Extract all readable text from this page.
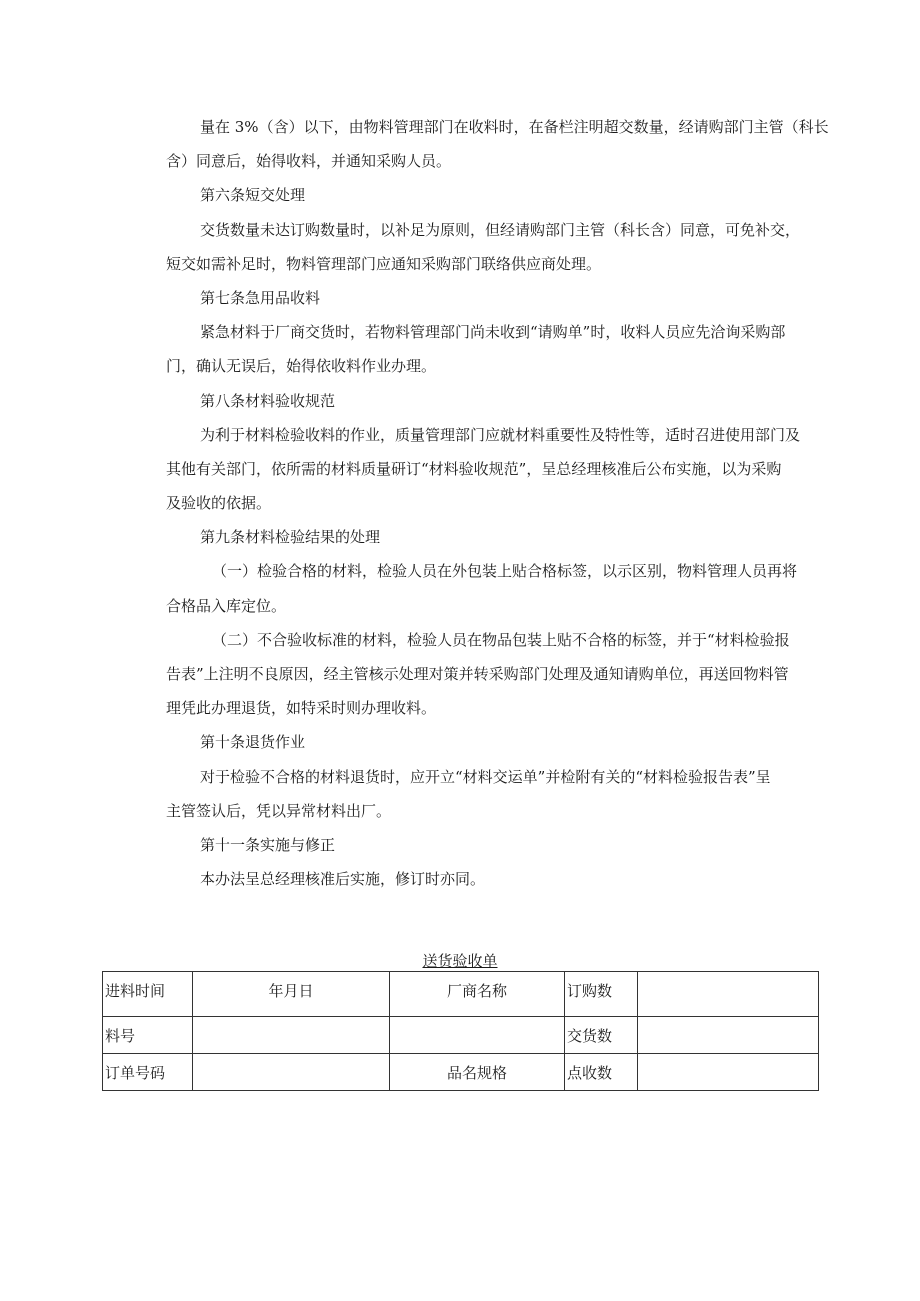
量在 3%（含）以下，由物料管理部门在收料时，在备栏注明超交数量，经请购部门主管（科长
含）同意后，始得收料，并通知采购人员。
第六条短交处理
交货数量未达订购数量时，以补足为原则，但经请购部门主管（科长含）同意，可免补交，
短交如需补足时，物料管理部门应通知采购部门联络供应商处理。
第七条急用品收料
紧急材料于厂商交货时，若物料管理部门尚未收到“请购单”时，收料人员应先洽询采购部
门，确认无误后，始得依收料作业办理。
第八条材料验收规范
为利于材料检验收料的作业，质量管理部门应就材料重要性及特性等，适时召进使用部门及
其他有关部门，依所需的材料质量研订“材料验收规范”，呈总经理核准后公布实施，以为采购
及验收的依据。
第九条材料检验结果的处理
（一）检验合格的材料，检验人员在外包装上贴合格标签，以示区别，物料管理人员再将
合格品入库定位。
（二）不合验收标准的材料，检验人员在物品包装上贴不合格的标签，并于“材料检验报
告表”上注明不良原因，经主管核示处理对策并转采购部门处理及通知请购单位，再送回物料管
理凭此办理退货，如特采时则办理收料。
第十条退货作业
对于检验不合格的材料退货时，应开立“材料交运单”并检附有关的“材料检验报告表”呈
主管签认后，凭以异常材料出厂。
第十一条实施与修正
本办法呈总经理核准后实施，修订时亦同。
送货验收单
进料时间	年月日	厂商名称	订购数	
料号			交货数	
订单号码		品名规格	点收数	
